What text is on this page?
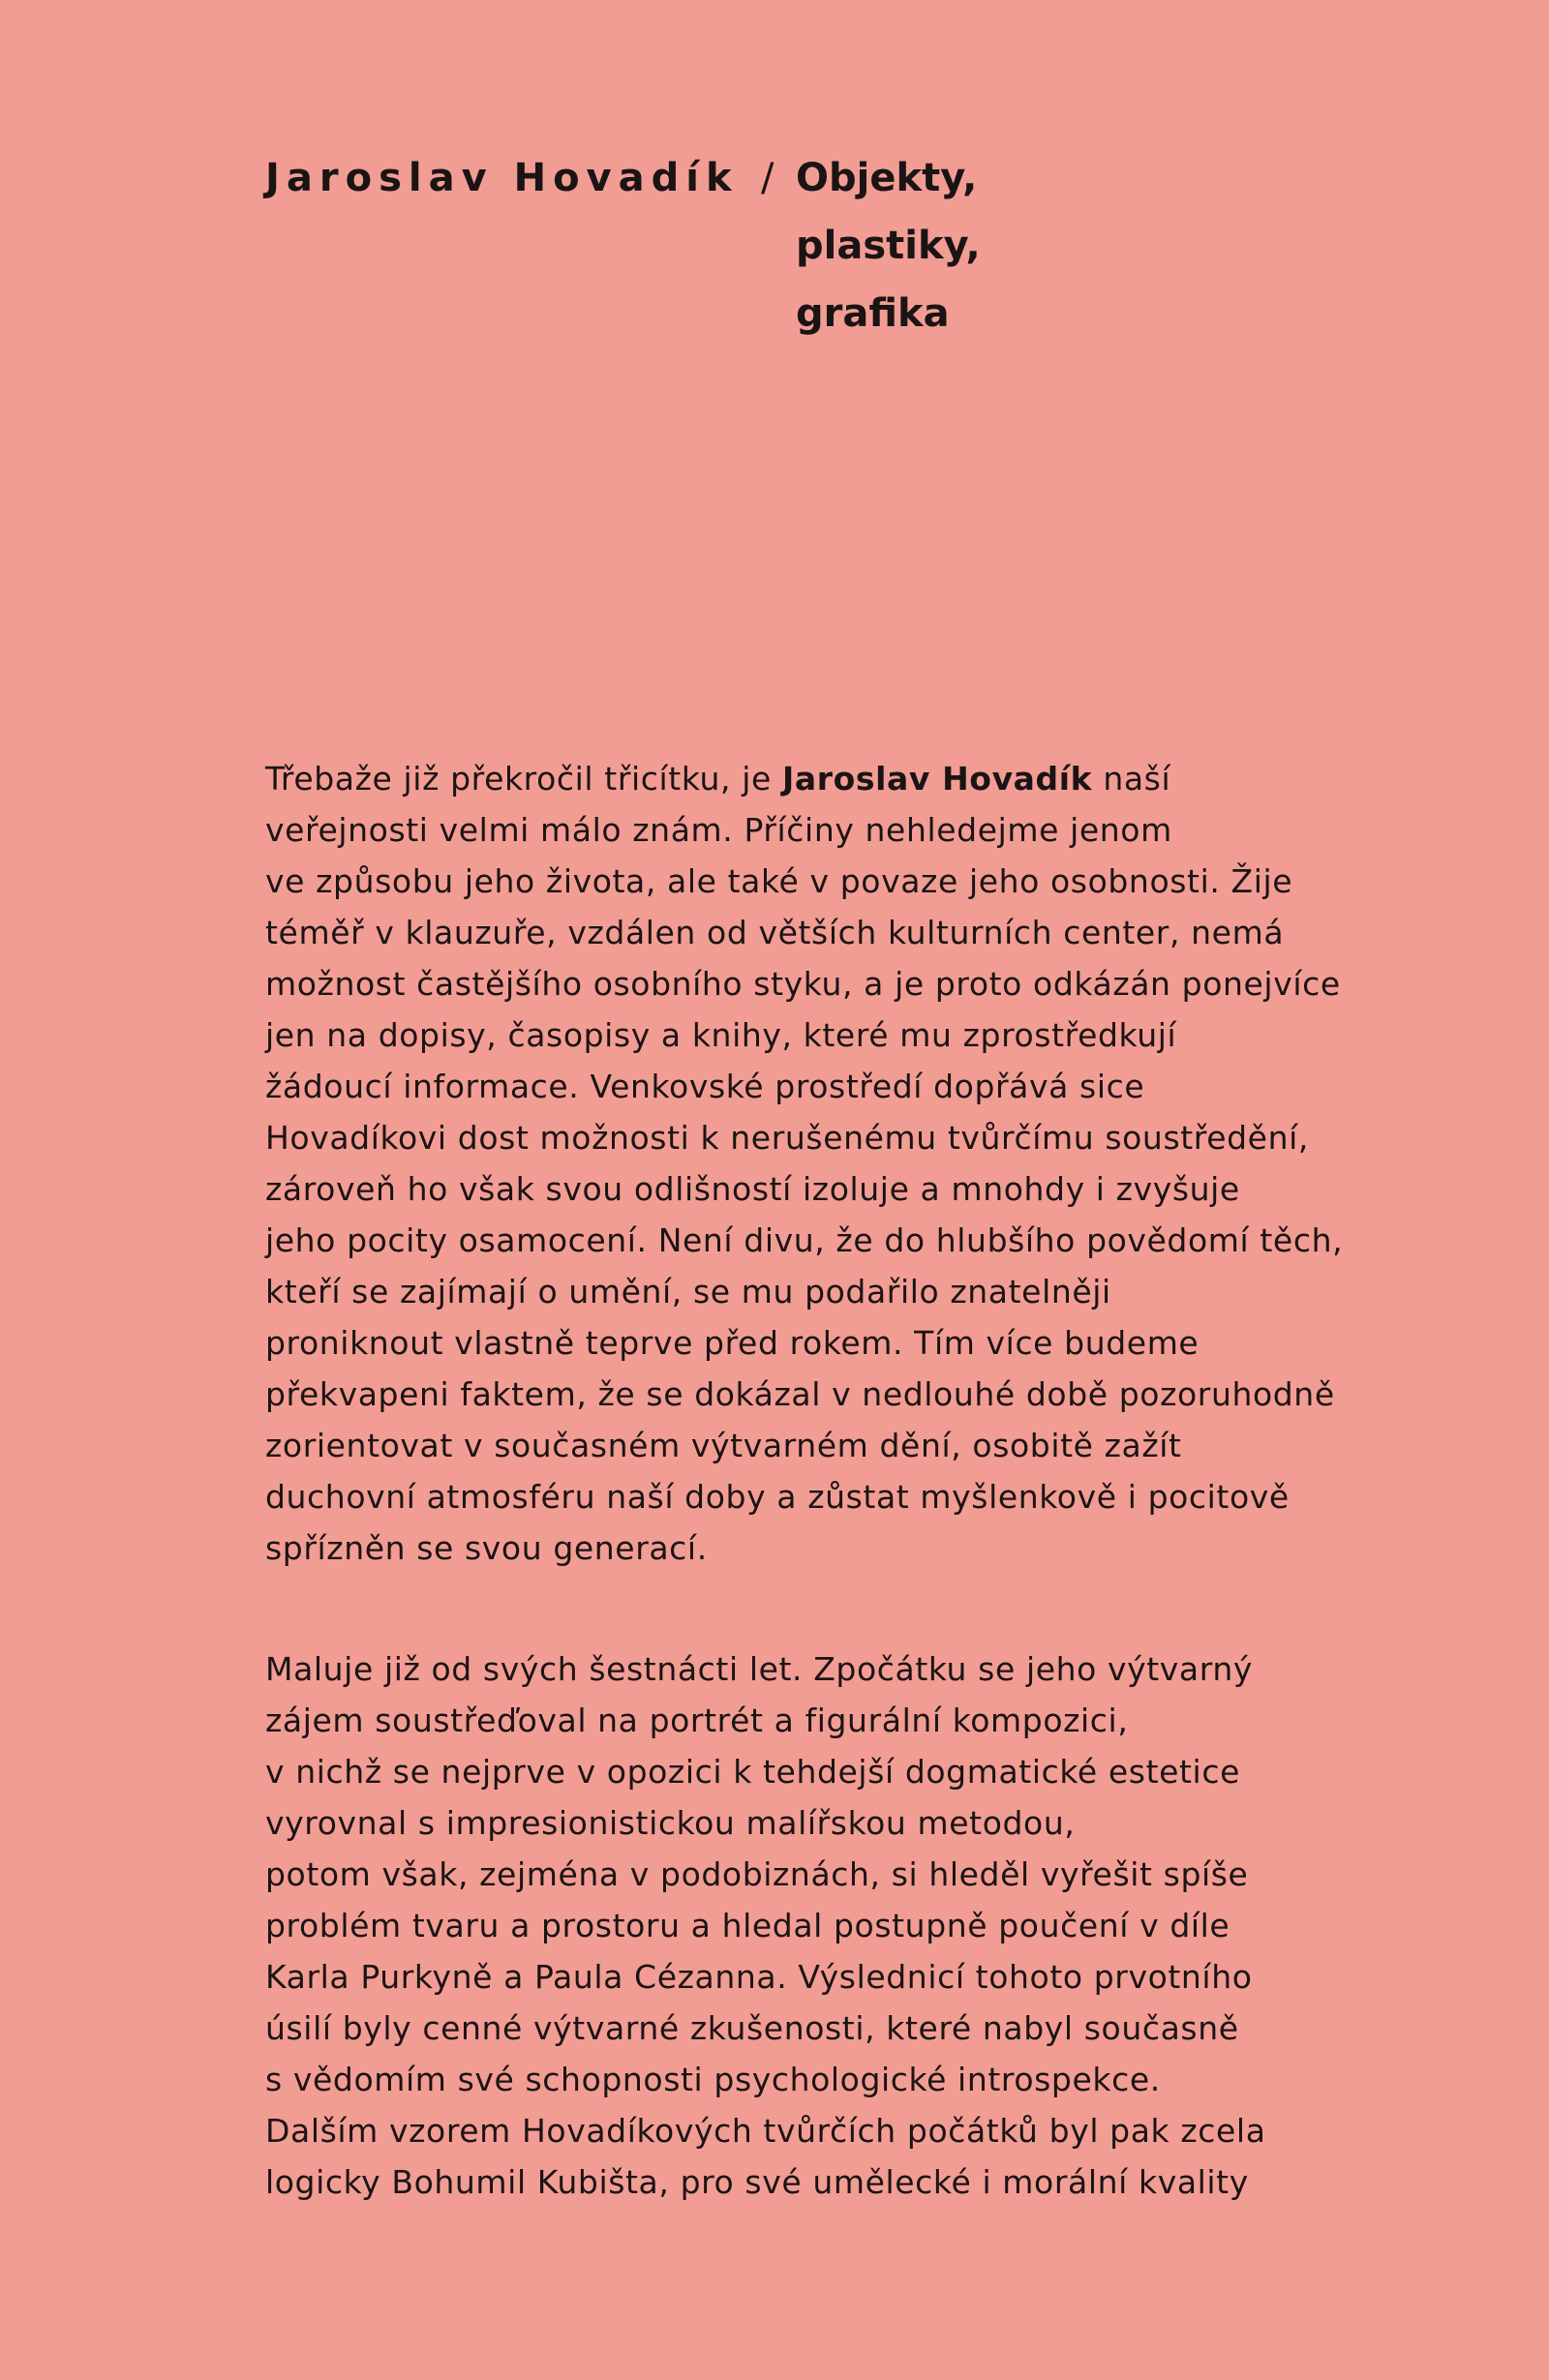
Jaroslav Hovadík / Objekty,
plastiky,
grafika
Třebaže již překročil třicítku, je Jaroslav Hovadík naší
veřejnosti velmi málo znám. Příčiny nehledejme jenom
ve způsobu jeho života, ale také v povaze jeho osobnosti. Žije
téměř v klauzuře, vzdálen od větších kulturních center, nemá
možnost častějšího osobního styku, a je proto odkázán ponejvíce
jen na dopisy, časopisy a knihy, které mu zprostředkují
žádoucí informace. Venkovské prostředí dopřává sice
Hovadíkovi dost možnosti k nerušenému tvůrčímu soustředění,
zároveň ho však svou odlišností izoluje a mnohdy i zvyšuje
jeho pocity osamocení. Není divu, že do hlubšího povědomí těch,
kteří se zajímají o umění, se mu podařilo znatelněji
proniknout vlastně teprve před rokem. Tím více budeme
překvapeni faktem, že se dokázal v nedlouhé době pozoruhodně
zorientovat v současném výtvarném dění, osobitě zažít
duchovní atmosféru naší doby a zůstat myšlenkově i pocitově
spřízněn se svou generací.
Maluje již od svých šestnácti let. Zpočátku se jeho výtvarný
zájem soustřeďoval na portrét a figurální kompozici,
v nichž se nejprve v opozici k tehdejší dogmatické estetice
vyrovnal s impresionistickou malířskou metodou,
potom však, zejména v podobiznách, si hleděl vyřešit spíše
problém tvaru a prostoru a hledal postupně poučení v díle
Karla Purkyně a Paula Cézanna. Výslednicí tohoto prvotního
úsilí byly cenné výtvarné zkušenosti, které nabyl současně
s vědomím své schopnosti psychologické introspekce.
Dalším vzorem Hovadíkových tvůrčích počátků byl pak zcela
logicky Bohumil Kubišta, pro své umělecké i morální kvality
